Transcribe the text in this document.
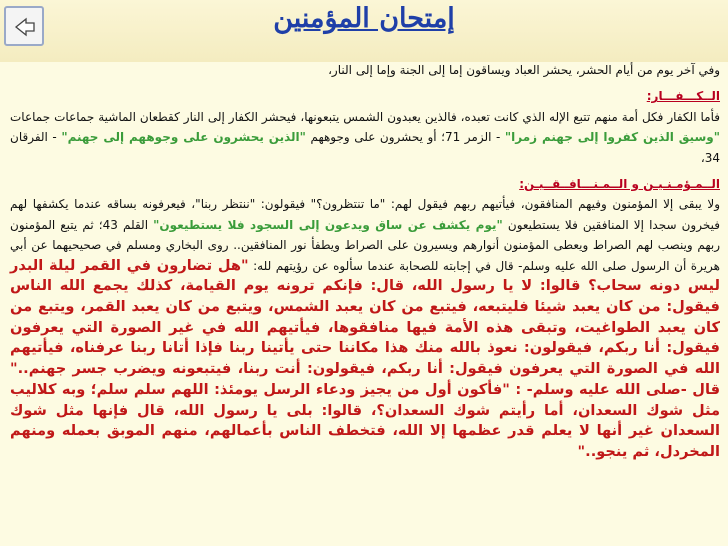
إمتحان المؤمنين

وفي آخر يوم من أيام الحشر، يحشر العباد ويساقون إما إلى الجنة وإما إلى النار،

الــكـــفـــار:
فأما الكفار فكل أمة منهم تتبع الإله الذي كانت تعبده، فالذين يعبدون الشمس يتبعونها، فيحشر الكفار إلى النار كقطعان الماشية جماعات جماعات "وسيق الذين كفروا إلى جهنم زمرا" - الزمر 71؛ أو يحشرون على وجوههم "الذين يحشرون على وجوههم إلى جهنم" - الفرقان 34،

الــمـؤمـنـيـن و الــمـنـــافــقــيـن:
ولا يبقى إلا المؤمنون وفيهم المنافقون، فيأتيهم ربهم فيقول لهم: "ما تنتظرون؟" فيقولون: "ننتظر ربنا"، فيعرفونه بساقه عندما يكشفها لهم فيخرون سجدا إلا المنافقين فلا يستطيعون "يوم يكشف عن ساق ويدعون إلى السجود فلا يستطيعون" القلم 43؛ ثم يتبع المؤمنون ربهم وينصب لهم الصراط ويعطى المؤمنون أنوارهم ويسيرون على الصراط ويطفأ نور المنافقين.. روى البخاري ومسلم في صحيحيهما عن أبي هريرة أن الرسول صلى الله عليه وسلم- قال في إجابته للصحابة عندما سألوه عن رؤيتهم لله: "هل تضارون في القمر ليلة البدر ليس دونه سحاب؟ قالوا: لا يا رسول الله، قال: فإنكم ترونه يوم القيامة، كذلك يجمع الله الناس فيقول: من كان يعبد شيئا فليتبعه، فيتبع من كان يعبد الشمس، ويتبع من كان يعبد القمر، ويتبع من كان يعبد الطواغيت، وتبقى هذه الأمة فيها منافقوها، فيأتيهم الله في غير الصورة التي يعرفون فيقول: أنا ربكم، فيقولون: نعوذ بالله منك هذا مكاننا حتى يأتينا ربنا فإذا أتانا ربنا عرفناه، فيأتيهم الله في الصورة التي يعرفون فيقول: أنا ربكم، فيقولون: أنت ربنا، فيتبعونه ويضرب جسر جهنم.." قال -صلى الله عليه وسلم- : "فأكون أول من يجيز ودعاء الرسل يومئذ: اللهم سلم سلم؛ وبه كلاليب مثل شوك السعدان، أما رأيتم شوك السعدان؟، قالوا: بلى يا رسول الله، قال فإنها مثل شوك السعدان غير أنها لا يعلم قدر عظمها إلا الله، فتخطف الناس بأعمالهم، منهم الموبق بعمله ومنهم المخردل، ثم ينجو.."
